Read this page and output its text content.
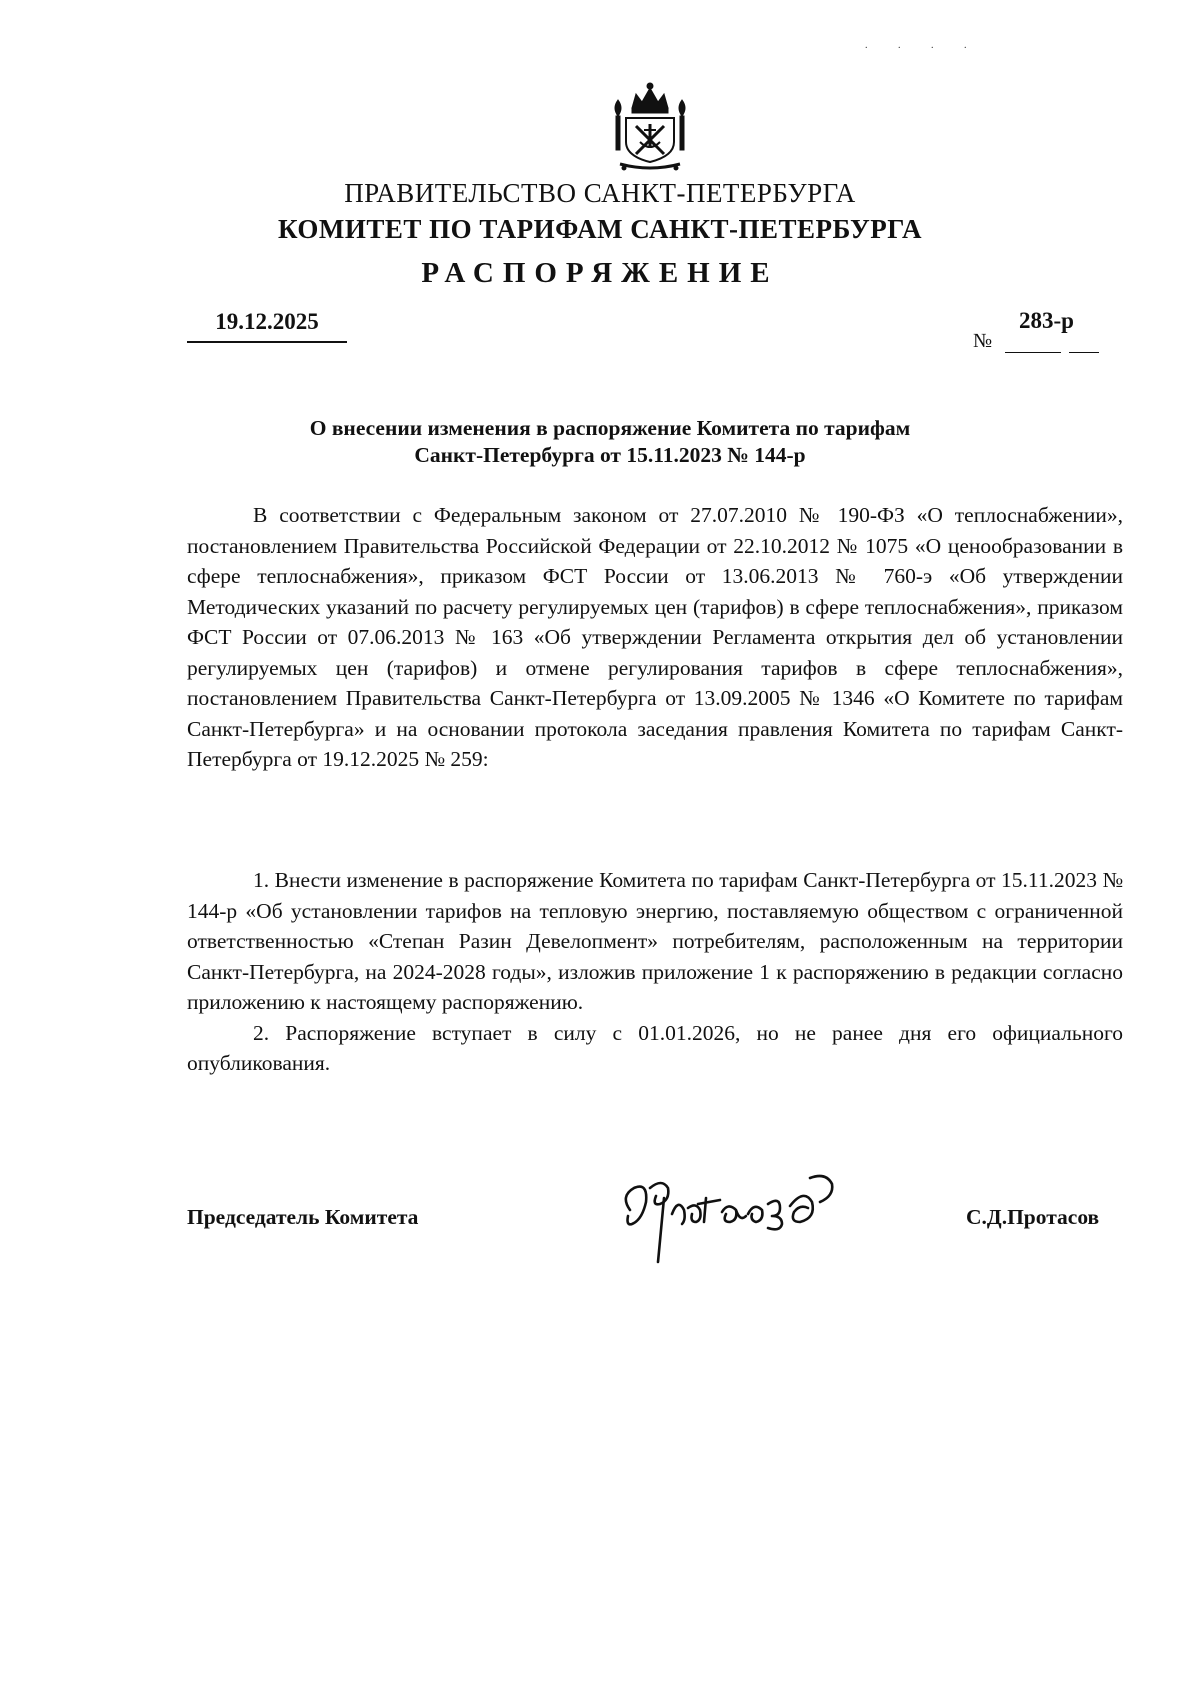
. . . .
ПРАВИТЕЛЬСТВО САНКТ-ПЕТЕРБУРГА
КОМИТЕТ ПО ТАРИФАМ САНКТ-ПЕТЕРБУРГА
РАСПОРЯЖЕНИЕ
19.12.2025
№
283-р
О внесении изменения в распоряжение Комитета по тарифам
Санкт-Петербурга от 15.11.2023 № 144-р

В соответствии с Федеральным законом от 27.07.2010 № 190-ФЗ «О теплоснабжении», постановлением Правительства Российской Федерации от 22.10.2012 № 1075 «О ценообразовании в сфере теплоснабжения», приказом ФСТ России от 13.06.2013 № 760-э «Об утверждении Методических указаний по расчету регулируемых цен (тарифов) в сфере теплоснабжения», приказом ФСТ России от 07.06.2013 № 163 «Об утверждении Регламента открытия дел об установлении регулируемых цен (тарифов) и отмене регулирования тарифов в сфере теплоснабжения», постановлением Правительства Санкт-Петербурга от 13.09.2005 № 1346 «О Комитете по тарифам Санкт-Петербурга» и на основании протокола заседания правления Комитета по тарифам Санкт-Петербурга от 19.12.2025 № 259:

1. Внести изменение в распоряжение Комитета по тарифам Санкт-Петербурга от 15.11.2023 № 144-р «Об установлении тарифов на тепловую энергию, поставляемую обществом с ограниченной ответственностью «Степан Разин Девелопмент» потребителям, расположенным на территории Санкт-Петербурга, на 2024-2028 годы», изложив приложение 1 к распоряжению в редакции согласно приложению к настоящему распоряжению.

2. Распоряжение вступает в силу с 01.01.2026, но не ранее дня его официального опубликования.

Председатель Комитета	С.Д.Протасов
